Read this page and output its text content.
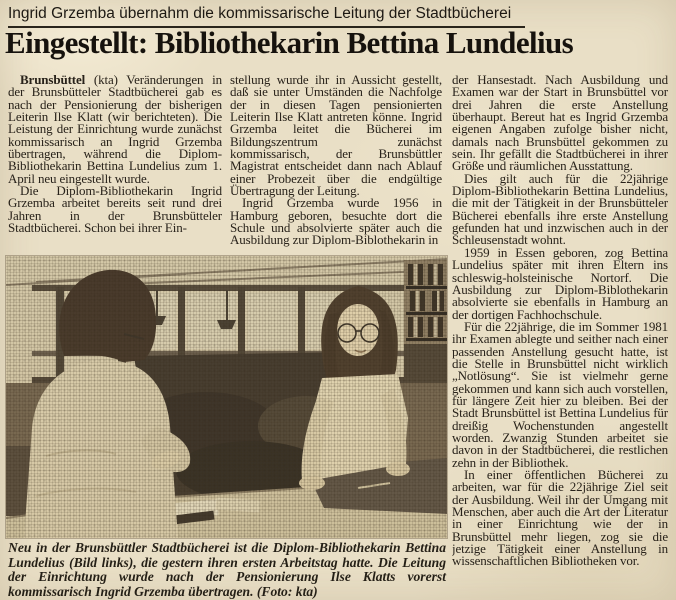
Ingrid Grzemba übernahm die kommissarische Leitung der Stadtbücherei
Eingestellt: Bibliothekarin Bettina Lundelius

Brunsbüttel (kta) Veränderungen in der Brunsbütteler Stadtbücherei gab es nach der Pensionierung der bisherigen Leiterin Ilse Klatt (wir berichteten). Die Leistung der Einrichtung wurde zunächst kommissarisch an Ingrid Grzemba übertragen, während die Diplom-Bibliothekarin Bettina Lundelius zum 1. April neu eingestellt wurde.

Die Diplom-Bibliothekarin Ingrid Grzemba arbeitet bereits seit rund drei Jahren in der Brunsbütteler Stadtbücherei. Schon bei ihrer Ein-

stellung wurde ihr in Aussicht gestellt, daß sie unter Umständen die Nachfolge der in diesen Tagen pensionierten Leiterin Ilse Klatt antreten könne. Ingrid Grzemba leitet die Bücherei im Bildungszentrum zunächst kommissarisch, der Brunsbüttler Magistrat entscheidet dann nach Ablauf einer Probezeit über die endgültige Übertragung der Leitung.

Ingrid Grzemba wurde 1956 in Hamburg geboren, besuchte dort die Schule und absolvierte später auch die Ausbildung zur Diplom-Biblothekarin in

der Hansestadt. Nach Ausbildung und Examen war der Start in Brunsbüttel vor drei Jahren die erste Anstellung überhaupt. Bereut hat es Ingrid Grzemba eigenen Angaben zufolge bisher nicht, damals nach Brunsbüttel gekommen zu sein. Ihr gefällt die Stadtbücherei in ihrer Größe und räumlichen Ausstattung.

Dies gilt auch für die 22jährige Diplom-Bibliothekarin Bettina Lundelius, die mit der Tätigkeit in der Brunsbütteler Bücherei ebenfalls ihre erste Anstellung gefunden hat und inzwischen auch in der Schleusenstadt wohnt.

1959 in Essen geboren, zog Bettina Lundelius später mit ihren Eltern ins schleswig-holsteinische Nortorf. Die Ausbildung zur Diplom-Biblothekarin absolvierte sie ebenfalls in Hamburg an der dortigen Fachhochschule.

Für die 22jährige, die im Sommer 1981 ihr Examen ablegte und seither nach einer passenden Anstellung gesucht hatte, ist die Stelle in Brunsbüttel nicht wirklich „Notlösung“. Sie ist vielmehr gerne gekommen und kann sich auch vorstellen, für längere Zeit hier zu bleiben. Bei der Stadt Brunsbüttel ist Bettina Lundelius für dreißig Wochenstunden angestellt worden. Zwanzig Stunden arbeitet sie davon in der Stadtbücherei, die restlichen zehn in der Bibliothek.

In einer öffentlichen Bücherei zu arbeiten, war für die 22jährige Ziel seit der Ausbildung. Weil ihr der Umgang mit Menschen, aber auch die Art der Literatur in einer Einrichtung wie der in Brunsbüttel mehr liegen, zog sie die jetzige Tätigkeit einer Anstellung in wissenschaftlichen Bibliotheken vor.

Neu in der Brunsbüttler Stadtbücherei ist die Diplom-Bibliothekarin Bettina Lundelius (Bild links), die gestern ihren ersten Arbeitstag hatte. Die Leitung der Einrichtung wurde nach der Pensionierung Ilse Klatts vorerst kommissarisch Ingrid Grzemba übertragen. (Foto: kta)
